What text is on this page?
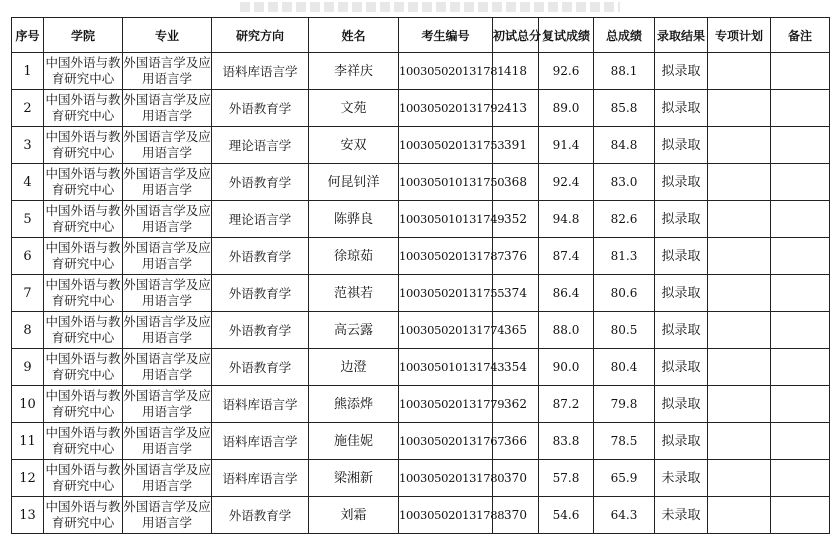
序号	学院	专业	研究方向	姓名	考生编号	初试总分	复试成绩	总成绩	录取结果	专项计划	备注
1	中国外语与教育研究中心	外国语言学及应用语言学	语料库语言学	李祥庆	100305020131781	418	92.6	88.1	拟录取		
2	中国外语与教育研究中心	外国语言学及应用语言学	外语教育学	文苑	100305020131792	413	89.0	85.8	拟录取		
3	中国外语与教育研究中心	外国语言学及应用语言学	理论语言学	安双	100305020131753	391	91.4	84.8	拟录取		
4	中国外语与教育研究中心	外国语言学及应用语言学	外语教育学	何昆钊洋	100305010131750	368	92.4	83.0	拟录取		
5	中国外语与教育研究中心	外国语言学及应用语言学	理论语言学	陈骅良	100305010131749	352	94.8	82.6	拟录取		
6	中国外语与教育研究中心	外国语言学及应用语言学	外语教育学	徐琼茹	100305020131787	376	87.4	81.3	拟录取		
7	中国外语与教育研究中心	外国语言学及应用语言学	外语教育学	范祺若	100305020131755	374	86.4	80.6	拟录取		
8	中国外语与教育研究中心	外国语言学及应用语言学	外语教育学	高云露	100305020131774	365	88.0	80.5	拟录取		
9	中国外语与教育研究中心	外国语言学及应用语言学	外语教育学	边澄	100305010131743	354	90.0	80.4	拟录取		
10	中国外语与教育研究中心	外国语言学及应用语言学	语料库语言学	熊添烨	100305020131779	362	87.2	79.8	拟录取		
11	中国外语与教育研究中心	外国语言学及应用语言学	语料库语言学	施佳妮	100305020131767	366	83.8	78.5	拟录取		
12	中国外语与教育研究中心	外国语言学及应用语言学	语料库语言学	梁湘新	100305020131780	370	57.8	65.9	未录取		
13	中国外语与教育研究中心	外国语言学及应用语言学	外语教育学	刘霜	100305020131788	370	54.6	64.3	未录取		
